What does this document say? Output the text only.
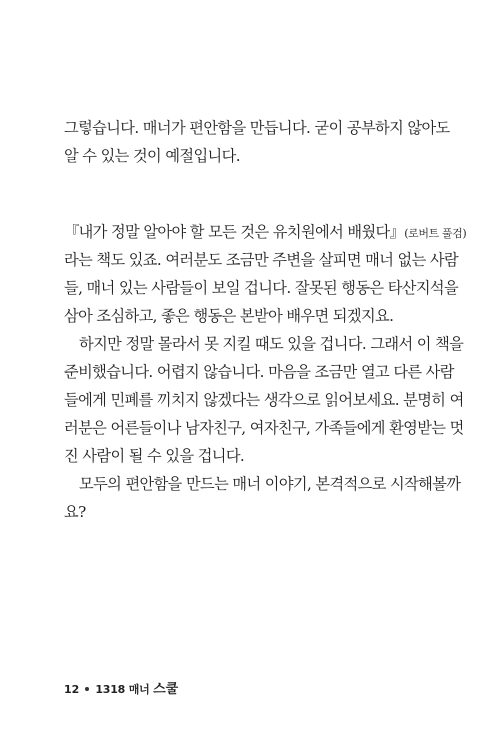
그렇습니다. 매너가 편안함을 만듭니다. 굳이 공부하지 않아도
알 수 있는 것이 예절입니다.
『내가 정말 알아야 할 모든 것은 유치원에서 배웠다』(로버트 풀검)
라는 책도 있죠. 여러분도 조금만 주변을 살피면 매너 없는 사람
들, 매너 있는 사람들이 보일 겁니다. 잘못된 행동은 타산지석을
삼아 조심하고, 좋은 행동은 본받아 배우면 되겠지요.
하지만 정말 몰라서 못 지킬 때도 있을 겁니다. 그래서 이 책을
준비했습니다. 어렵지 않습니다. 마음을 조금만 열고 다른 사람
들에게 민폐를 끼치지 않겠다는 생각으로 읽어보세요. 분명히 여
러분은 어른들이나 남자친구, 여자친구, 가족들에게 환영받는 멋
진 사람이 될 수 있을 겁니다.
모두의 편안함을 만드는 매너 이야기, 본격적으로 시작해볼까
요?
12 1318 매너 스쿨
